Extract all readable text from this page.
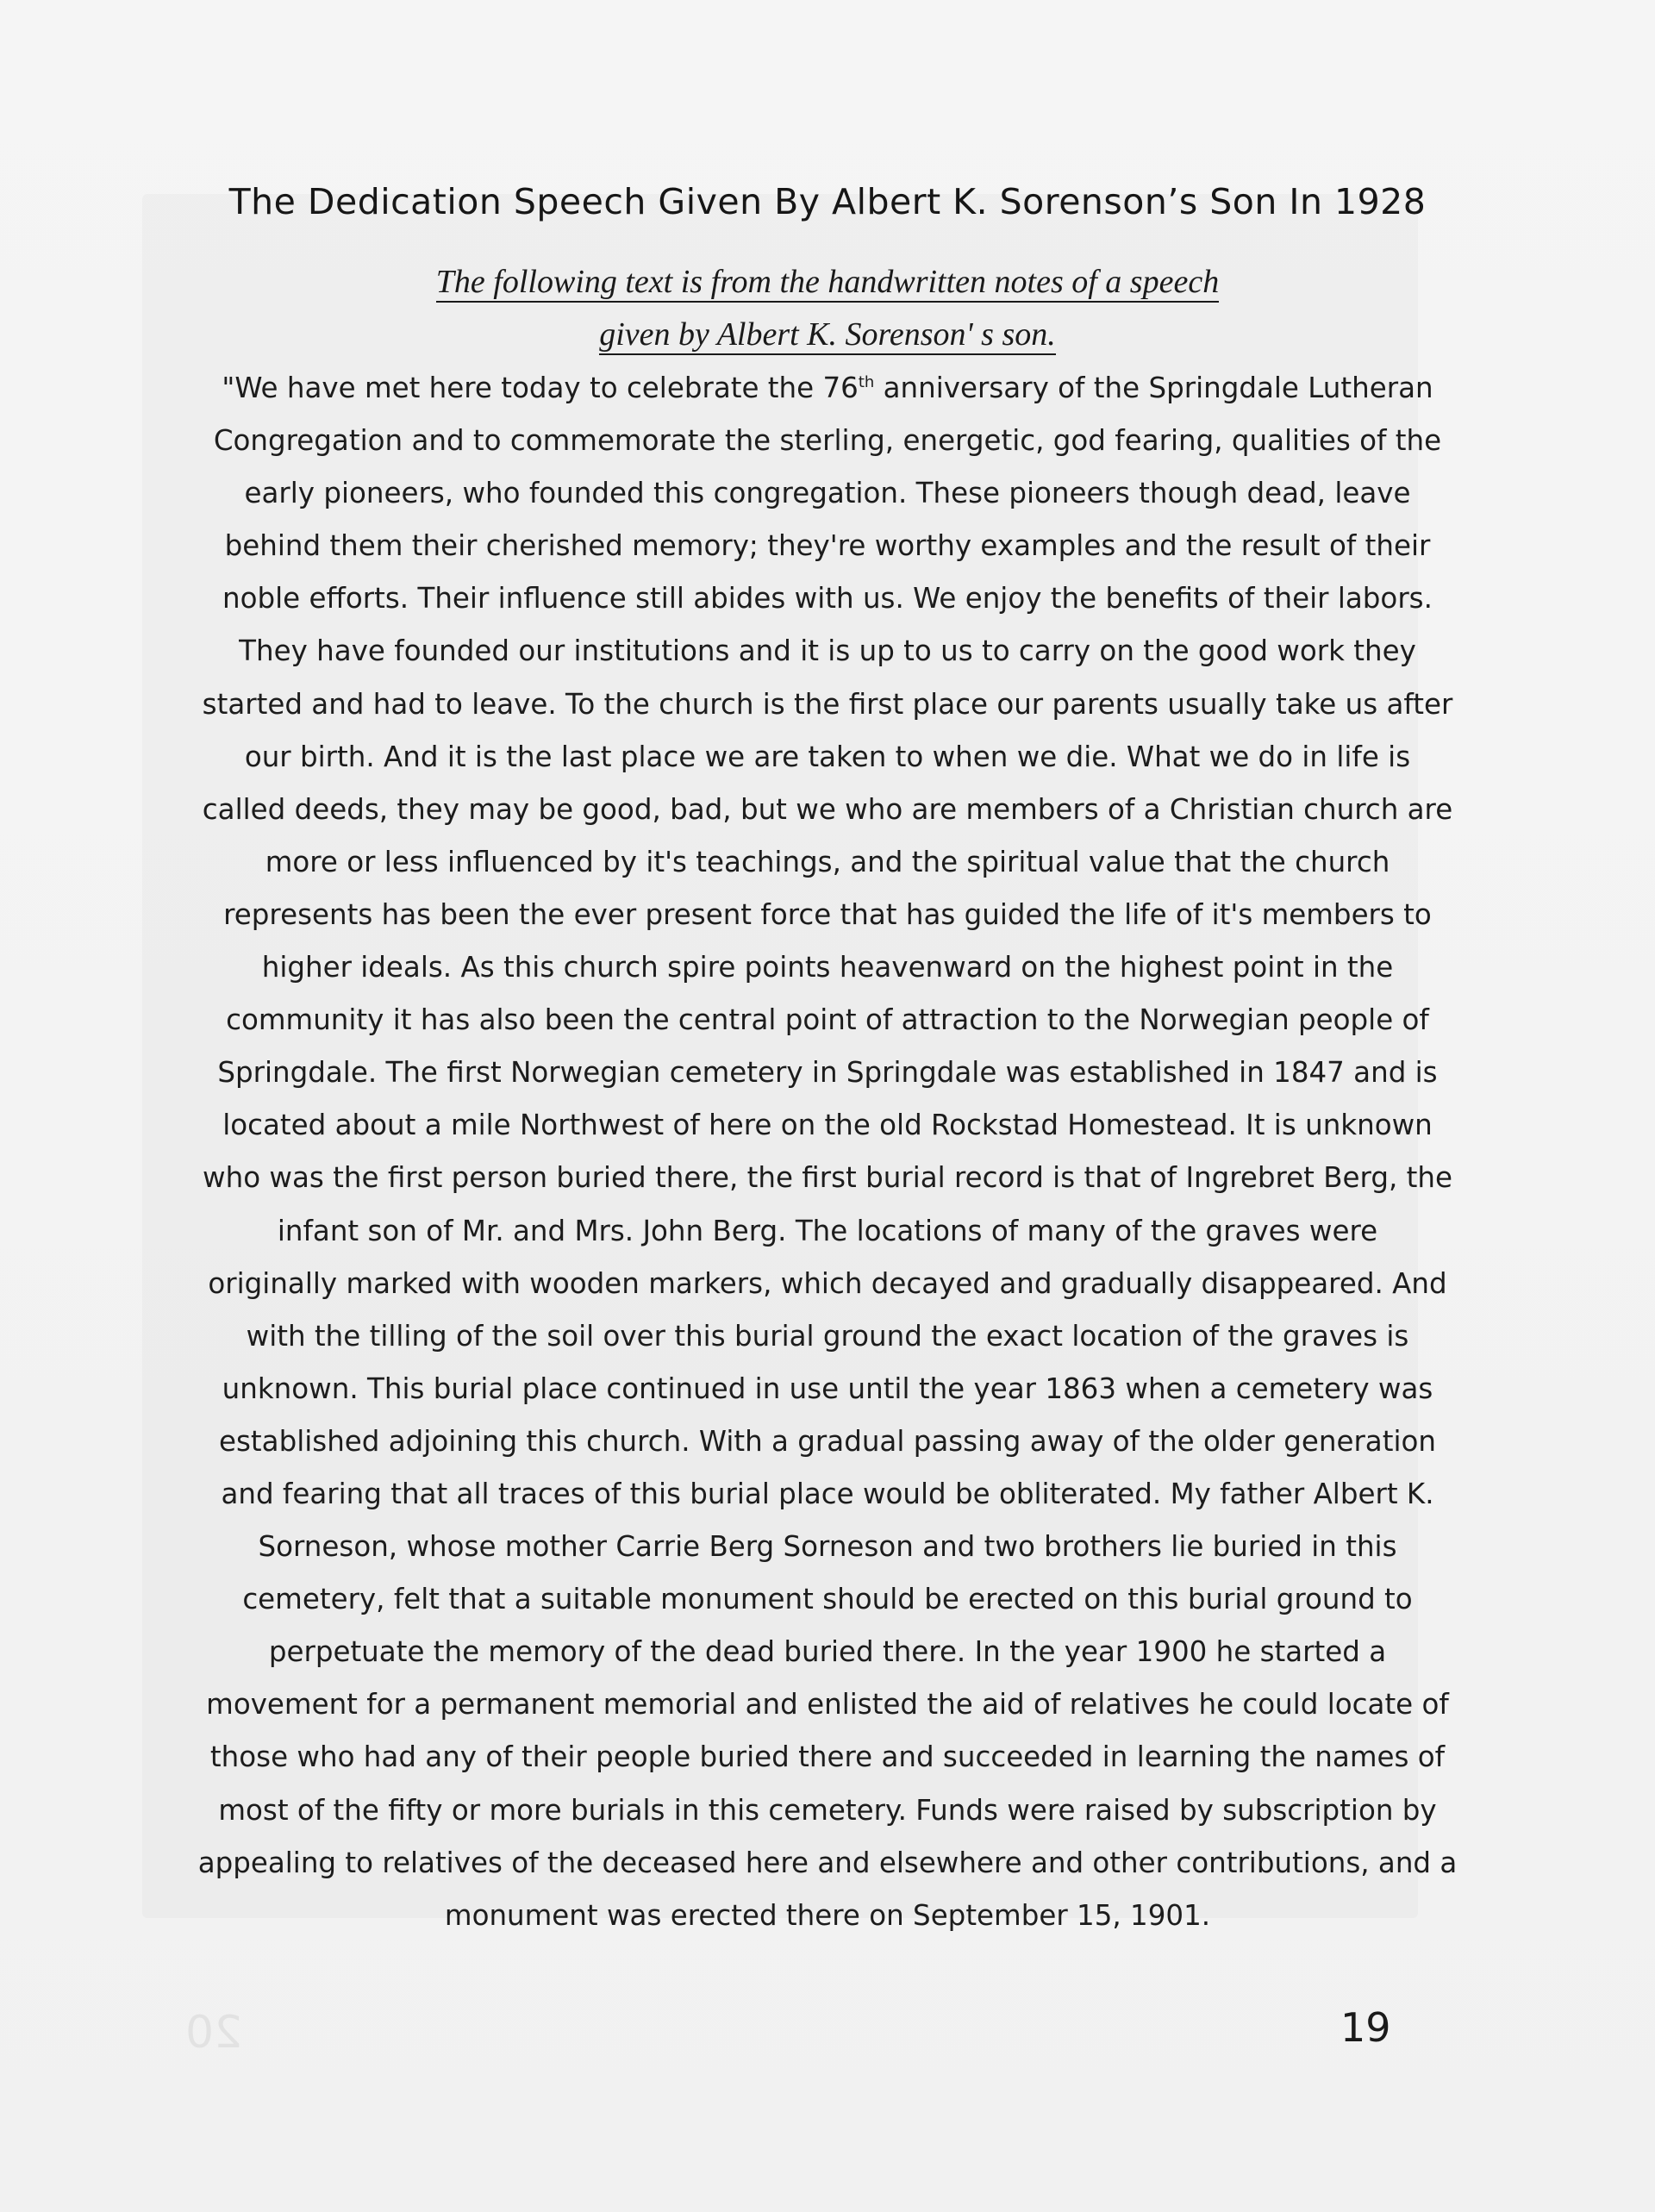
20
The Dedication Speech Given By Albert K. Sorenson’s Son In 1928

The following text is from the handwritten notes of a speech

given by Albert K. Sorenson' s son.

"We have met here today to celebrate the 76th anniversary of the Springdale Lutheran
Congregation and to commemorate the sterling, energetic, god fearing, qualities of the
early pioneers, who founded this congregation. These pioneers though dead, leave
behind them their cherished memory; they're worthy examples and the result of their
noble efforts. Their influence still abides with us. We enjoy the benefits of their labors.
They have founded our institutions and it is up to us to carry on the good work they
started and had to leave. To the church is the first place our parents usually take us after
our birth. And it is the last place we are taken to when we die. What we do in life is
called deeds, they may be good, bad, but we who are members of a Christian church are
more or less influenced by it's teachings, and the spiritual value that the church
represents has been the ever present force that has guided the life of it's members to
higher ideals. As this church spire points heavenward on the highest point in the
community it has also been the central point of attraction to the Norwegian people of
Springdale. The first Norwegian cemetery in Springdale was established in 1847 and is
located about a mile Northwest of here on the old Rockstad Homestead. It is unknown
who was the first person buried there, the first burial record is that of Ingrebret Berg, the
infant son of Mr. and Mrs. John Berg. The locations of many of the graves were
originally marked with wooden markers, which decayed and gradually disappeared. And
with the tilling of the soil over this burial ground the exact location of the graves is
unknown. This burial place continued in use until the year 1863 when a cemetery was
established adjoining this church. With a gradual passing away of the older generation
and fearing that all traces of this burial place would be obliterated. My father Albert K.
Sorneson, whose mother Carrie Berg Sorneson and two brothers lie buried in this
cemetery, felt that a suitable monument should be erected on this burial ground to
perpetuate the memory of the dead buried there. In the year 1900 he started a
movement for a permanent memorial and enlisted the aid of relatives he could locate of
those who had any of their people buried there and succeeded in learning the names of
most of the fifty or more burials in this cemetery. Funds were raised by subscription by
appealing to relatives of the deceased here and elsewhere and other contributions, and a
monument was erected there on September 15, 1901.
19
